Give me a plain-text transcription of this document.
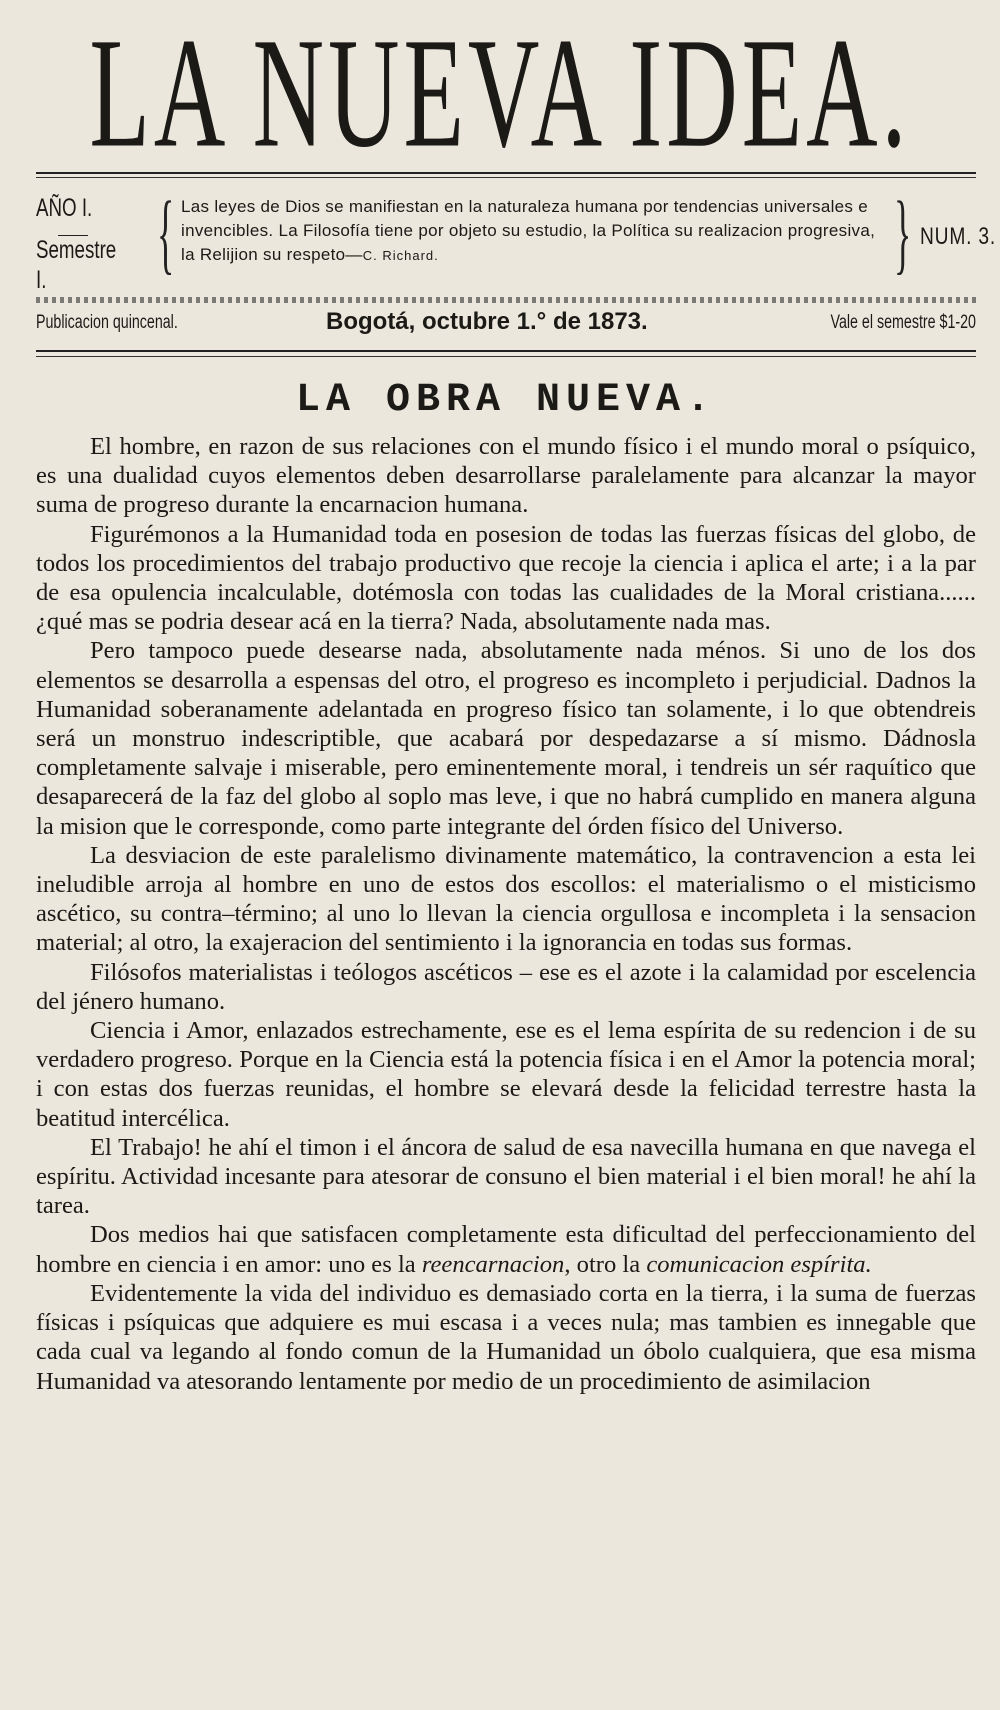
LA NUEVA IDEA.
AÑO I.
Semestre I.	{ Las leyes de Dios se manifiestan en la naturaleza humana por tendencias universales e invencibles. La Filosofía tiene por objeto su estudio, la Política su realizacion progresiva, la Relijion su respeto—C. Richard.	} NUM. 3.
Publicacion quincenal.	Bogotá, octubre 1.° de 1873.	Vale el semestre $1-20
LA OBRA NUEVA.

El hombre, en razon de sus relaciones con el mundo físico i el mundo moral o psíquico, es una dualidad cuyos elementos deben desarrollarse paralelamente para alcanzar la mayor suma de progreso durante la encarnacion humana.

Figurémonos a la Humanidad toda en posesion de todas las fuerzas físicas del globo, de todos los procedimientos del trabajo productivo que recoje la ciencia i aplica el arte; i a la par de esa opulencia incalculable, dotémosla con todas las cualidades de la Moral cristiana...... ¿qué mas se podria desear acá en la tierra? Nada, absolutamente nada mas.

Pero tampoco puede desearse nada, absolutamente nada ménos. Si uno de los dos elementos se desarrolla a espensas del otro, el progreso es incompleto i perjudicial. Dadnos la Humanidad soberanamente adelantada en progreso físico tan solamente, i lo que obtendreis será un monstruo indescriptible, que acabará por despedazarse a sí mismo. Dádnosla completamente salvaje i miserable, pero eminentemente moral, i tendreis un sér raquítico que desaparecerá de la faz del globo al soplo mas leve, i que no habrá cumplido en manera alguna la mision que le corresponde, como parte integrante del órden físico del Universo.

La desviacion de este paralelismo divinamente matemático, la contravencion a esta lei ineludible arroja al hombre en uno de estos dos escollos: el materialismo o el misticismo ascético, su contra–término; al uno lo llevan la ciencia orgullosa e incompleta i la sensacion material; al otro, la exajeracion del sentimiento i la ignorancia en todas sus formas.

Filósofos materialistas i teólogos ascéticos – ese es el azote i la calamidad por escelencia del jénero humano.

Ciencia i Amor, enlazados estrechamente, ese es el lema espírita de su redencion i de su verdadero progreso. Porque en la Ciencia está la potencia física i en el Amor la potencia moral; i con estas dos fuerzas reunidas, el hombre se elevará desde la felicidad terrestre hasta la beatitud intercélica.

El Trabajo! he ahí el timon i el áncora de salud de esa navecilla humana en que navega el espíritu. Actividad incesante para atesorar de consuno el bien material i el bien moral! he ahí la tarea.

Dos medios hai que satisfacen completamente esta dificultad del perfeccionamiento del hombre en ciencia i en amor: uno es la reencarnacion, otro la comunicacion espírita.

Evidentemente la vida del individuo es demasiado corta en la tierra, i la suma de fuerzas físicas i psíquicas que adquiere es mui escasa i a veces nula; mas tambien es innegable que cada cual va legando al fondo comun de la Humanidad un óbolo cualquiera, que esa misma Humanidad va atesorando lentamente por medio de un procedimiento de asimilacion
